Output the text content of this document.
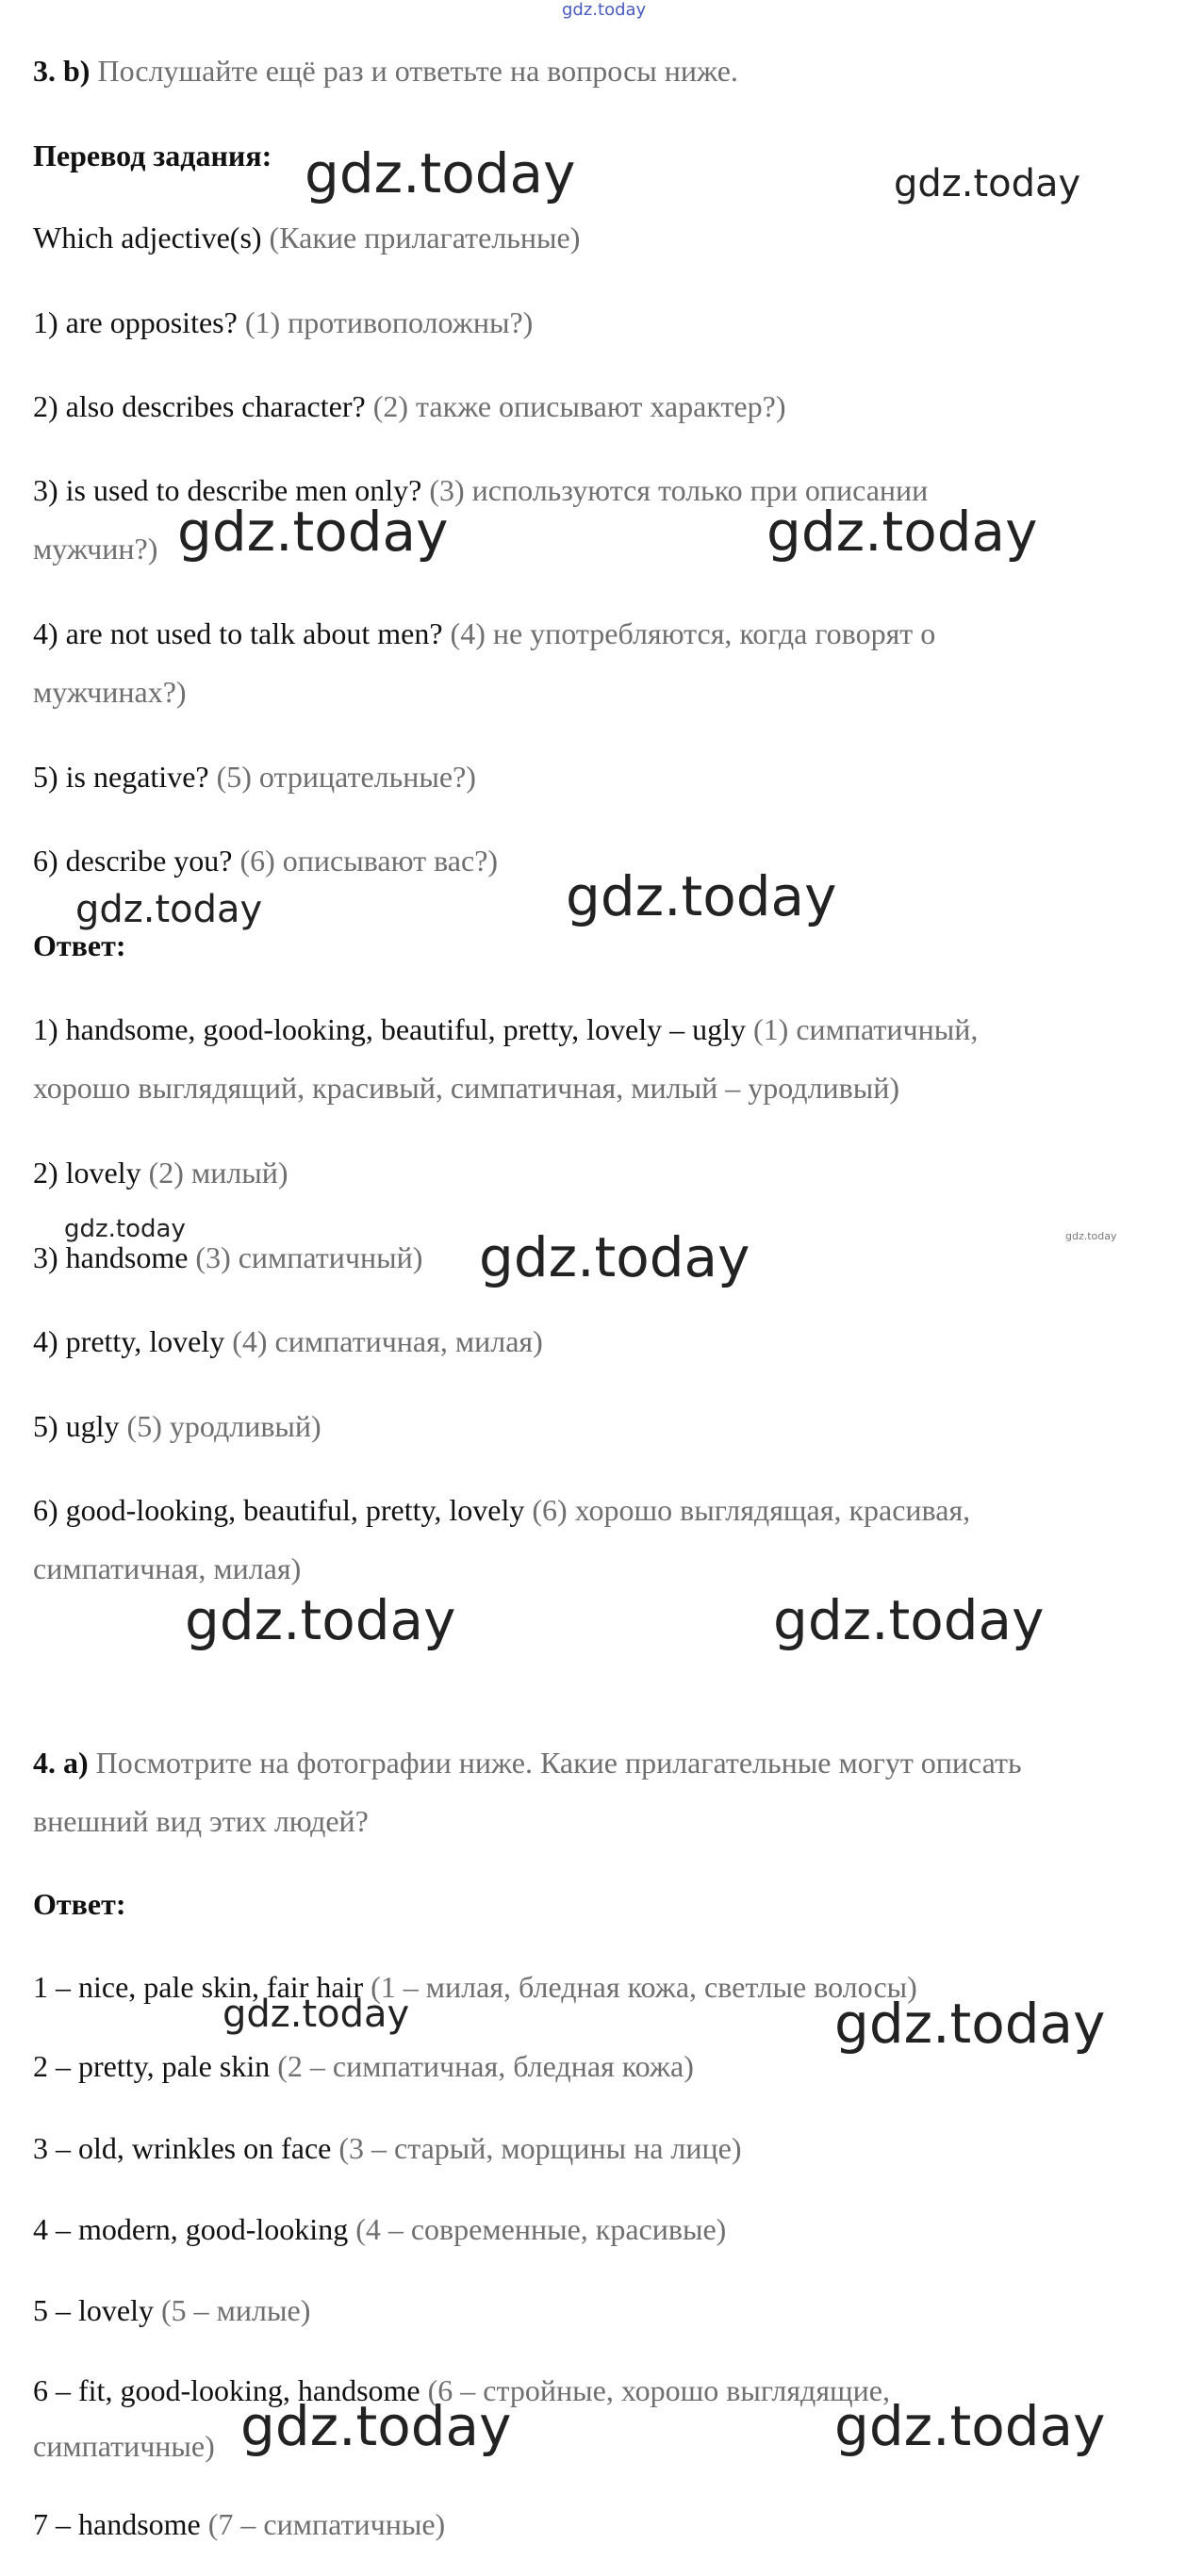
gdz.today
3. b) Послушайте ещё раз и ответьте на вопросы ниже.
Перевод задания:
Which adjective(s) (Какие прилагательные)
1) are opposites? (1) противоположны?)
2) also describes character? (2) также описывают характер?)
3) is used to describe men only? (3) используются только при описании
мужчин?)
4) are not used to talk about men? (4) не употребляются, когда говорят о
мужчинах?)
5) is negative? (5) отрицательные?)
6) describe you? (6) описывают вас?)
Ответ:
1) handsome, good-looking, beautiful, pretty, lovely – ugly (1) симпатичный,
хорошо выглядящий, красивый, симпатичная, милый – уродливый)
2) lovely (2) милый)
3) handsome (3) симпатичный)
4) pretty, lovely (4) симпатичная, милая)
5) ugly (5) уродливый)
6) good-looking, beautiful, pretty, lovely (6) хорошо выглядящая, красивая,
симпатичная, милая)
4. a) Посмотрите на фотографии ниже. Какие прилагательные могут описать
внешний вид этих людей?
Ответ:
1 – nice, pale skin, fair hair (1 – милая, бледная кожа, светлые волосы)
2 – pretty, pale skin (2 – симпатичная, бледная кожа)
3 – old, wrinkles on face (3 – старый, морщины на лице)
4 – modern, good-looking (4 – современные, красивые)
5 – lovely (5 – милые)
6 – fit, good-looking, handsome (6 – стройные, хорошо выглядящие,
симпатичные)
7 – handsome (7 – симпатичные)
gdz.today	gdz.today
gdz.today	gdz.today
gdz.today	gdz.today
gdz.today	gdz.today
gdz.today
gdz.today	gdz.today
gdz.today	gdz.today
gdz.today	gdz.today
